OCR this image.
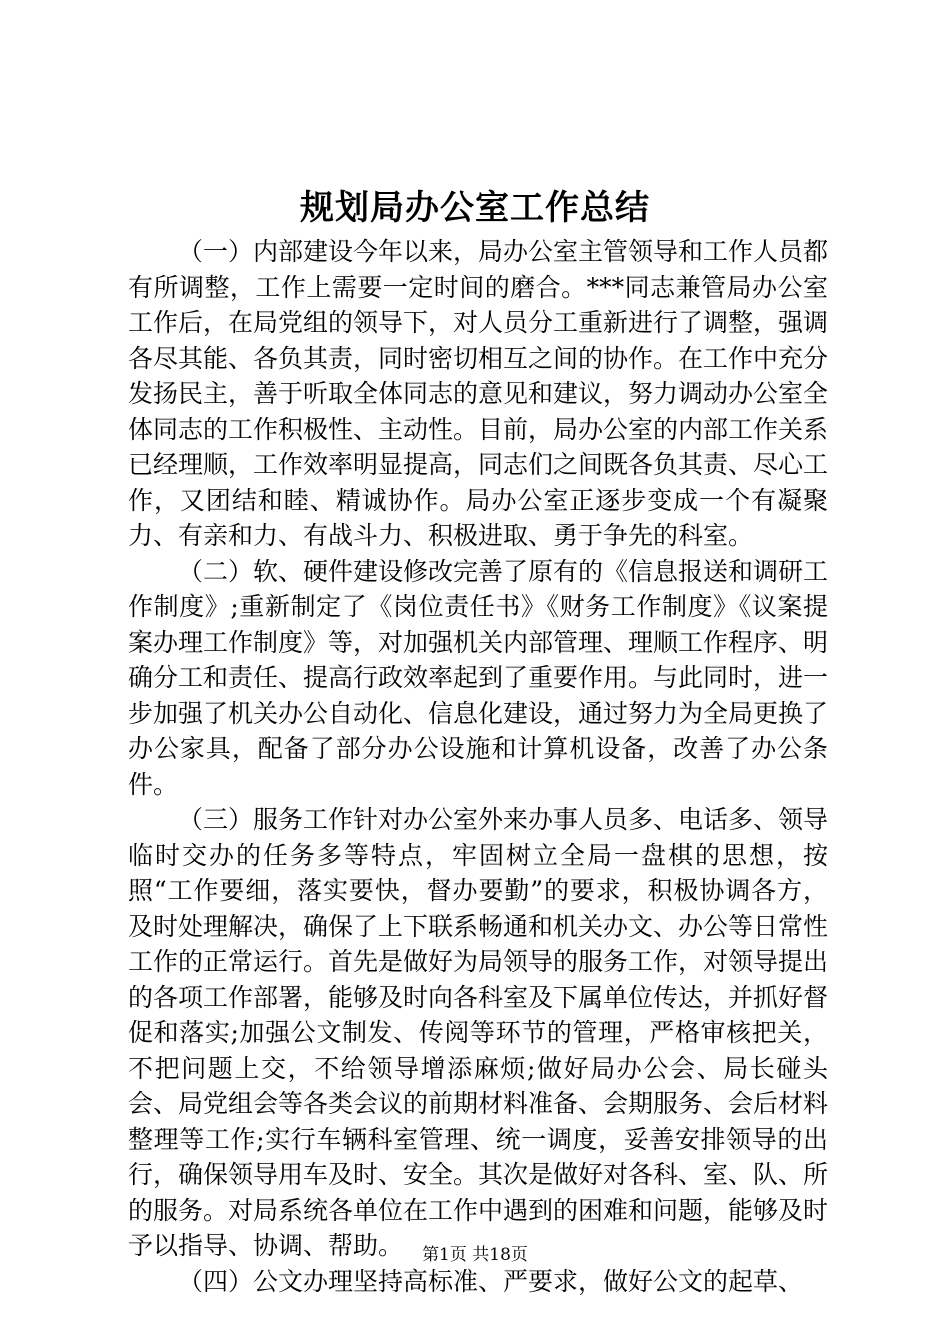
规划局办公室工作总结

（一）内部建设今年以来，局办公室主管领导和工作人员都有所调整，工作上需要一定时间的磨合。***同志兼管局办公室工作后，在局党组的领导下，对人员分工重新进行了调整，强调各尽其能、各负其责，同时密切相互之间的协作。在工作中充分发扬民主，善于听取全体同志的意见和建议，努力调动办公室全体同志的工作积极性、主动性。目前，局办公室的内部工作关系已经理顺，工作效率明显提高，同志们之间既各负其责、尽心工作，又团结和睦、精诚协作。局办公室正逐步变成一个有凝聚力、有亲和力、有战斗力、积极进取、勇于争先的科室。

（二）软、硬件建设修改完善了原有的《信息报送和调研工作制度》;重新制定了《岗位责任书》《财务工作制度》《议案提案办理工作制度》等，对加强机关内部管理、理顺工作程序、明确分工和责任、提高行政效率起到了重要作用。与此同时，进一步加强了机关办公自动化、信息化建设，通过努力为全局更换了办公家具，配备了部分办公设施和计算机设备，改善了办公条件。

（三）服务工作针对办公室外来办事人员多、电话多、领导临时交办的任务多等特点，牢固树立全局一盘棋的思想，按照“工作要细，落实要快，督办要勤”的要求，积极协调各方，及时处理解决，确保了上下联系畅通和机关办文、办公等日常性工作的正常运行。首先是做好为局领导的服务工作，对领导提出的各项工作部署，能够及时向各科室及下属单位传达，并抓好督促和落实;加强公文制发、传阅等环节的管理，严格审核把关，不把问题上交，不给领导增添麻烦;做好局办公会、局长碰头会、局党组会等各类会议的前期材料准备、会期服务、会后材料整理等工作;实行车辆科室管理、统一调度，妥善安排领导的出行，确保领导用车及时、安全。其次是做好对各科、室、队、所的服务。对局系统各单位在工作中遇到的困难和问题，能够及时予以指导、协调、帮助。

（四）公文办理坚持高标准、严要求，做好公文的起草、

第1页 共18页
